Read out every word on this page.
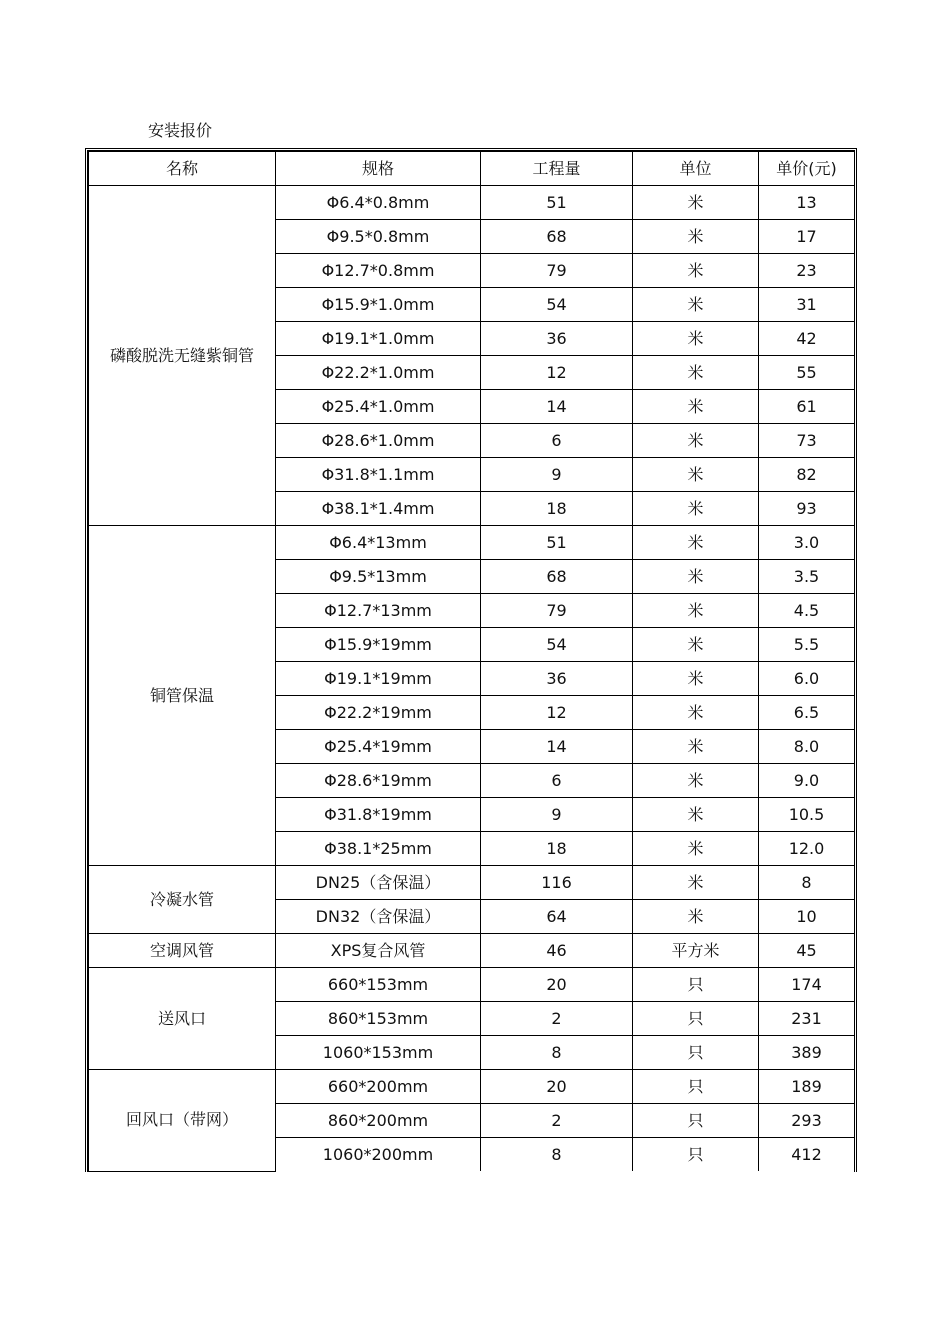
安装报价
名称	规格	工程量	单位	单价(元)
磷酸脱洗无缝紫铜管	Φ6.4*0.8mm	51	米	13
	Φ9.5*0.8mm	68	米	17
	Φ12.7*0.8mm	79	米	23
	Φ15.9*1.0mm	54	米	31
	Φ19.1*1.0mm	36	米	42
	Φ22.2*1.0mm	12	米	55
	Φ25.4*1.0mm	14	米	61
	Φ28.6*1.0mm	6	米	73
	Φ31.8*1.1mm	9	米	82
	Φ38.1*1.4mm	18	米	93
铜管保温	Φ6.4*13mm	51	米	3.0
	Φ9.5*13mm	68	米	3.5
	Φ12.7*13mm	79	米	4.5
	Φ15.9*19mm	54	米	5.5
	Φ19.1*19mm	36	米	6.0
	Φ22.2*19mm	12	米	6.5
	Φ25.4*19mm	14	米	8.0
	Φ28.6*19mm	6	米	9.0
	Φ31.8*19mm	9	米	10.5
	Φ38.1*25mm	18	米	12.0
冷凝水管	DN25（含保温）	116	米	8
	DN32（含保温）	64	米	10
空调风管	XPS复合风管	46	平方米	45
送风口	660*153mm	20	只	174
	860*153mm	2	只	231
	1060*153mm	8	只	389
回风口（带网）	660*200mm	20	只	189
	860*200mm	2	只	293
	1060*200mm	8	只	412
